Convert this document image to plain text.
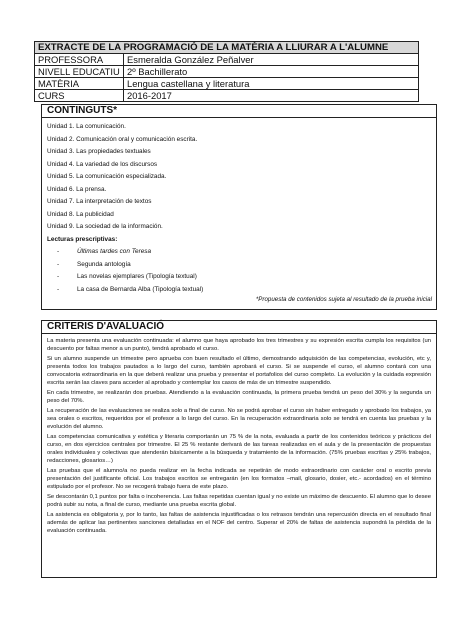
EXTRACTE DE LA PROGRAMACIÓ DE LA MATÈRIA A LLIURAR A L'ALUMNE	
PROFESSORA	Esmeralda González Peñalver
NIVELL EDUCATIU	2º Bachillerato
MATÈRIA	Lengua castellana y literatura
CURS	2016-2017
CONTINGUTS*
Unidad 1. La comunicación.
Unidad 2. Comunicación oral y comunicación escrita.
Unidad 3. Las propiedades textuales
Unidad 4. La variedad de los discursos
Unidad 5. La comunicación especializada.
Unidad 6. La prensa.
Unidad 7. La interpretación de textos
Unidad 8. La publicidad
Unidad 9. La sociedad de la información.
Lecturas prescriptivas:
-	Últimas tardes con Teresa
-	Segunda antología
-	Las novelas ejemplares (Tipología textual)
-	La casa de Bernarda Alba (Tipología textual)
*Propuesta de contenidos sujeta al resultado de la prueba inicial
CRITERIS D'AVALUACIÓ

La materia presenta una evaluación continuada: el alumno que haya aprobado los tres trimestres y su expresión escrita cumpla los requisitos (un descuento por faltas menor a un punto), tendrá aprobado el curso.

Si un alumno suspende un trimestre pero aprueba con buen resultado el último, demostrando adquisición de las competencias, evolución, etc y, presenta todos los trabajos pautados a lo largo del curso, también aprobará el curso. Si se suspende el curso, el alumno contará con una convocatoria extraordinaria en la que deberá realizar una prueba y presentar el portafolios del curso completo. La evolución y la cuidada expresión escrita serán las claves para acceder al aprobado y contemplar los casos de más de un trimestre suspendido.

En cada trimestre, se realizarán dos pruebas. Atendiendo a la evaluación continuada, la primera prueba tendrá un peso del 30% y la segunda un peso del 70%.

La recuperación de las evaluaciones se realiza solo a final de curso. No se podrá aprobar el curso sin haber entregado y aprobado los trabajos, ya sea orales o escritos, requeridos por el profesor a lo largo del curso. En la recuperación extraordinaria solo se tendrá en cuenta las pruebas y la evolución del alumno.

Las competencias comunicativa y estética y literaria comportarán un 75 % de la nota, evaluada a partir de los contenidos teóricos y prácticos del curso, en dos ejercicios centrales por trimestre. El 25 % restante derivará de las tareas realizadas en el aula y de la presentación de propuestas orales individuales y colectivas que atenderán básicamente a la búsqueda y tratamiento de la información. (75% pruebas escritas y 25% trabajos, redacciones, glosarios…)

Las pruebas que el alumno/a no pueda realizar en la fecha indicada se repetirán de modo extraordinario con carácter oral o escrito previa presentación del justificante oficial. Los trabajos escritos se entregarán (en los formatos –mail, glosario, dosier, etc.- acordados) en el término estipulado por el profesor. No se recogerá trabajo fuera de este plazo.

Se descontarán 0,1 puntos por falta o incoherencia. Las faltas repetidas cuentan igual y no existe un máximo de descuento. El alumno que lo desee podrá subir su nota, a final de curso, mediante una prueba escrita global.

La asistencia es obligatoria y, por lo tanto, las faltas de asistencia injustificadas o los retrasos tendrán una repercusión directa en el resultado final además de aplicar las pertinentes sanciones detalladas en el NOF del centro. Superar el 20% de faltas de asistencia supondrá la pérdida de la evaluación continuada.
